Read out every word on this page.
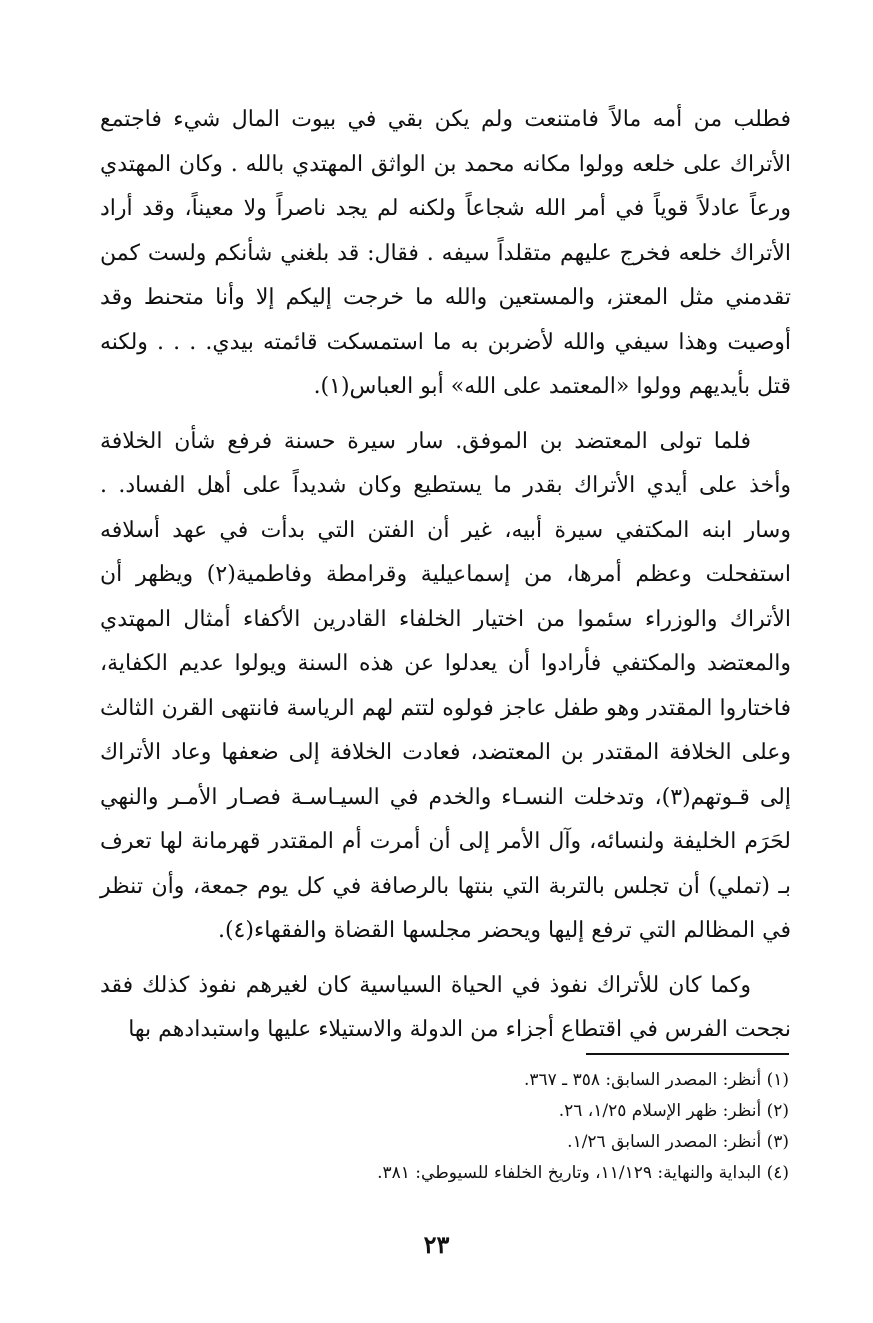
فطلب من أمه مالاً فامتنعت ولم يكن بقي في بيوت المال شيء فاجتمع الأتراك على خلعه وولوا مكانه محمد بن الواثق المهتدي بالله . وكان المهتدي ورعاً عادلاً قوياً في أمر الله شجاعاً ولكنه لم يجد ناصراً ولا معيناً، وقد أراد الأتراك خلعه فخرج عليهم متقلداً سيفه . فقال: قد بلغني شأنكم ولست كمن تقدمني مثل المعتز، والمستعين والله ما خرجت إليكم إلا وأنا متحنط وقد أوصيت وهذا سيفي والله لأضربن به ما استمسكت قائمته بيدي. . . . ولكنه قتل بأيديهم وولوا «المعتمد على الله» أبو العباس(١).

فلما تولى المعتضد بن الموفق. سار سيرة حسنة فرفع شأن الخلافة وأخذ على أيدي الأتراك بقدر ما يستطيع وكان شديداً على أهل الفساد. . وسار ابنه المكتفي سيرة أبيه، غير أن الفتن التي بدأت في عهد أسلافه استفحلت وعظم أمرها، من إسماعيلية وقرامطة وفاطمية(٢) ويظهر أن الأتراك والوزراء سئموا من اختيار الخلفاء القادرين الأكفاء أمثال المهتدي والمعتضد والمكتفي فأرادوا أن يعدلوا عن هذه السنة ويولوا عديم الكفاية، فاختاروا المقتدر وهو طفل عاجز فولوه لتتم لهم الرياسة فانتهى القرن الثالث وعلى الخلافة المقتدر بن المعتضد، فعادت الخلافة إلى ضعفها وعاد الأتراك إلى قـوتهم(٣)، وتدخلت النسـاء والخدم في السيـاسـة فصـار الأمـر والنهي لحَرَم الخليفة ولنسائه، وآل الأمر إلى أن أمرت أم المقتدر قهرمانة لها تعرف بـ (تملي) أن تجلس بالتربة التي بنتها بالرصافة في كل يوم جمعة، وأن تنظر في المظالم التي ترفع إليها ويحضر مجلسها القضاة والفقهاء(٤).

وكما كان للأتراك نفوذ في الحياة السياسية كان لغيرهم نفوذ كذلك فقد نجحت الفرس في اقتطاع أجزاء من الدولة والاستيلاء عليها واستبدادهم بها

(١) أنظر: المصدر السابق: ٣٥٨ ـ ٣٦٧.

(٢) أنظر: ظهر الإسلام ١/٢٥، ٢٦.

(٣) أنظر: المصدر السابق ١/٢٦.

(٤) البداية والنهاية: ١١/١٢٩، وتاريخ الخلفاء للسيوطي: ٣٨١.

٢٣
